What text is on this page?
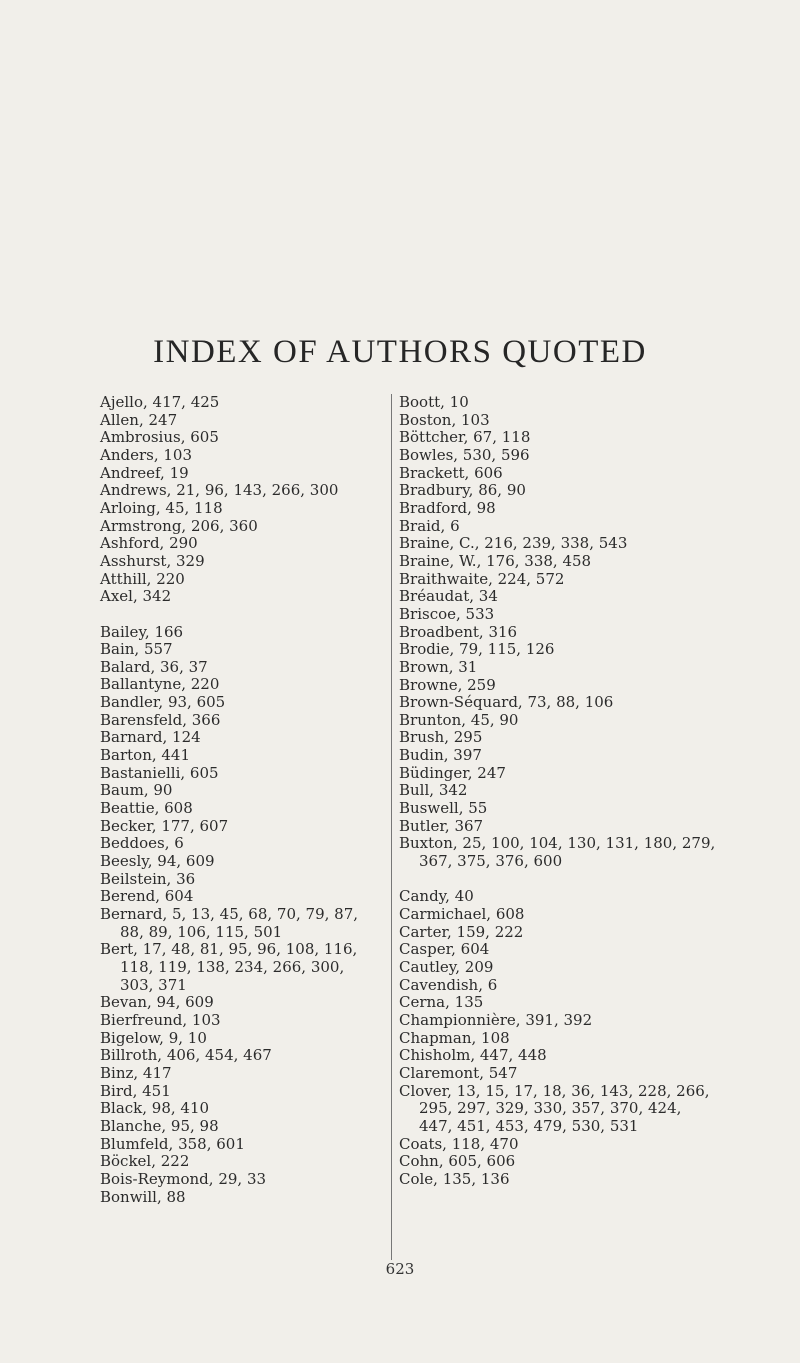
INDEX OF AUTHORS QUOTED

Ajello, 417, 425

Allen, 247

Ambrosius, 605

Anders, 103

Andreef, 19

Andrews, 21, 96, 143, 266, 300

Arloing, 45, 118

Armstrong, 206, 360

Ashford, 290

Asshurst, 329

Atthill, 220

Axel, 342

Bailey, 166

Bain, 557

Balard, 36, 37

Ballantyne, 220

Bandler, 93, 605

Barensfeld, 366

Barnard, 124

Barton, 441

Bastanielli, 605

Baum, 90

Beattie, 608

Becker, 177, 607

Beddoes, 6

Beesly, 94, 609

Beilstein, 36

Berend, 604

Bernard, 5, 13, 45, 68, 70, 79, 87, 88, 89, 106, 115, 501

Bert, 17, 48, 81, 95, 96, 108, 116, 118, 119, 138, 234, 266, 300, 303, 371

Bevan, 94, 609

Bierfreund, 103

Bigelow, 9, 10

Billroth, 406, 454, 467

Binz, 417

Bird, 451

Black, 98, 410

Blanche, 95, 98

Blumfeld, 358, 601

Böckel, 222

Bois-Reymond, 29, 33

Bonwill, 88

Boott, 10

Boston, 103

Böttcher, 67, 118

Bowles, 530, 596

Brackett, 606

Bradbury, 86, 90

Bradford, 98

Braid, 6

Braine, C., 216, 239, 338, 543

Braine, W., 176, 338, 458

Braithwaite, 224, 572

Bréaudat, 34

Briscoe, 533

Broadbent, 316

Brodie, 79, 115, 126

Brown, 31

Browne, 259

Brown-Séquard, 73, 88, 106

Brunton, 45, 90

Brush, 295

Budin, 397

Büdinger, 247

Bull, 342

Buswell, 55

Butler, 367

Buxton, 25, 100, 104, 130, 131, 180, 279, 367, 375, 376, 600

Candy, 40

Carmichael, 608

Carter, 159, 222

Casper, 604

Cautley, 209

Cavendish, 6

Cerna, 135

Championnière, 391, 392

Chapman, 108

Chisholm, 447, 448

Claremont, 547

Clover, 13, 15, 17, 18, 36, 143, 228, 266, 295, 297, 329, 330, 357, 370, 424, 447, 451, 453, 479, 530, 531

Coats, 118, 470

Cohn, 605, 606

Cole, 135, 136

623
